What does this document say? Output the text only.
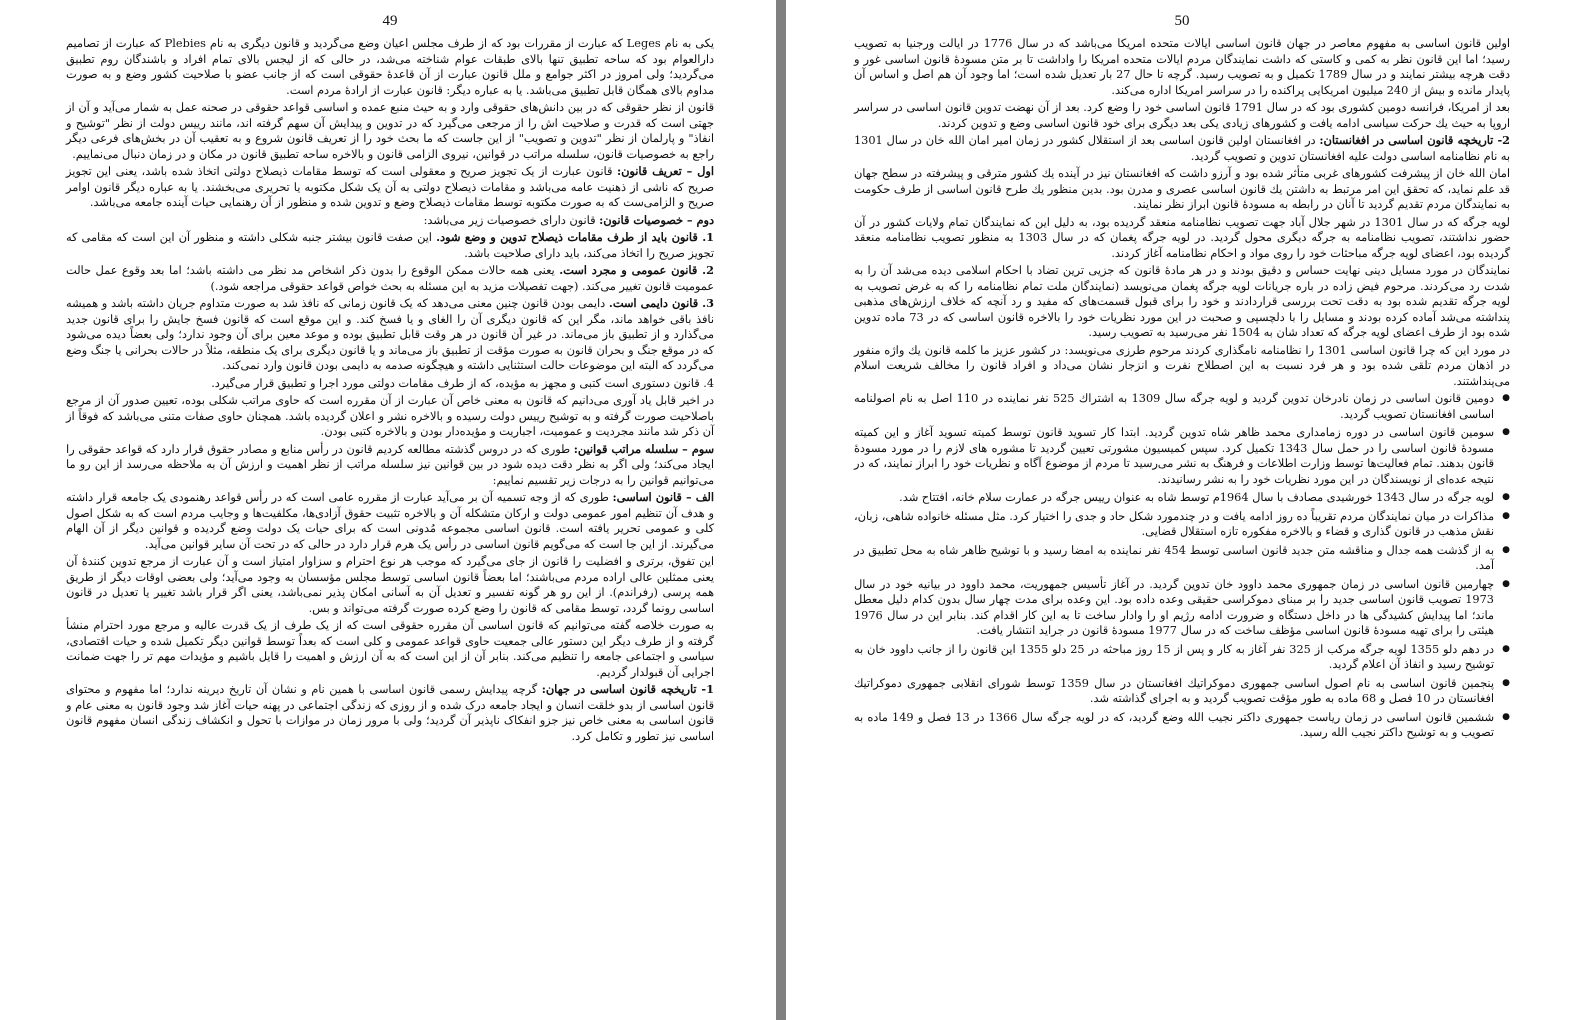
49

یکی به نام Leges که عبارت از مقررات بود که از طرف مجلس اعیان وضع می‌گردید و قانون دیگری به نام Plebies که عبارت از تصامیم دارالعوام بود که ساحه تطبیق تنها بالای طبقات عوام شناخته می‌شد، در حالی که از لیجس بالای تمام افراد و باشندگان روم تطبیق می‌گردید؛ ولی امروز در اکثر جوامع و ملل قانون عبارت از آن قاعدهٔ حقوقی است که از جانب عضو با صلاحیت کشور وضع و به صورت مداوم بالای همگان قابل تطبیق می‌باشد. یا به عباره دیگر: قانون عبارت از ارادهٔ مردم است.

قانون از نظر حقوقی که در بین دانش‌های حقوقی وارد و به حیث منبع عمده و اساسی قواعد حقوقی در صحنه عمل به شمار می‌آید و آن از جهتی است که قدرت و صلاحیت اش را از مرجعی می‌گیرد که در تدوین و پیدایش آن سهم گرفته اند، مانند رییس دولت از نظر "توشیح و انفاذ" و پارلمان از نظر "تدوین و تصویب" از این جاست که ما بحث خود را از تعریف قانون شروع و به تعقیب آن در بخش‌های فرعی دیگر راجع به خصوصیات قانون، سلسله مراتب در قوانین، نیروی الزامی قانون و بالاخره ساحه تطبیق قانون در مکان و در زمان دنبال می‌نماییم.

اول – تعریف قانون: قانون عبارت از یک تجویز صریح و معقولی است که توسط مقامات ذیصلاح دولتی اتخاذ شده باشد، یعنی این تجویز صریح که ناشی از ذهنیت عامه می‌باشد و مقامات ذیصلاح دولتی به آن یک شکل مکتوبه یا تحریری می‌بخشند. یا به عباره دیگر قانون اوامر صریح و الزامی‌ست که به صورت مکتوبه توسط مقامات ذیصلاح وضع و تدوین شده و منظور از آن رهنمایی حیات آینده جامعه می‌باشد.

دوم – خصوصیات قانون: قانون دارای خصوصیات زیر می‌باشد:

1. قانون باید از طرف مقامات ذیصلاح تدوین و وضع شود. این صفت قانون بیشتر جنبه شکلی داشته و منظور آن این است که مقامی که تجویز صریح را اتخاذ می‌کند، باید دارای صلاحیت باشد.

2. قانون عمومی و مجرد است. یعنی همه حالات ممکن الوقوع را بدون ذکر اشخاص مد نظر می داشته باشد؛ اما بعد وقوع عمل حالت عمومیت قانون تغییر می‌کند. (جهت تفصیلات مزید به این مسئله به بحث خواص قواعد حقوقی مراجعه شود.)

3. قانون دایمی است. دایمی بودن قانون چنین معنی می‌دهد که یک قانون زمانی که نافذ شد به صورت متداوم جریان داشته باشد و همیشه نافذ باقی خواهد ماند، مگر این که قانون دیگری آن را الغای و یا فسخ کند. و این موقع است که قانون فسخ جایش را برای قانون جدید می‌گذارد و از تطبیق باز می‌ماند. در غیر آن قانون در هر وقت قابل تطبیق بوده و موعد معین برای آن وجود ندارد؛ ولی بعضاً دیده می‌شود که در موقع جنگ و بحران قانون به صورت مؤقت از تطبیق باز می‌ماند و یا قانون دیگری برای یک منطقه، مثلاً در حالات بحرانی یا جنگ وضع می‌گردد که البته این موضوعات حالت استثنایی داشته و هیچگونه صدمه به دایمی بودن قانون وارد نمی‌کند.

4. قانون دستوری است کتبی و مجهز به مؤیده، که از طرف مقامات دولتی مورد اجرا و تطبیق قرار می‌گیرد.

در اخیر قابل یاد آوری می‌دانیم که قانون به معنی خاص آن عبارت از آن مقرره است که حاوی مراتب شکلی بوده، تعیین صدور آن از مرجع باصلاحیت صورت گرفته و به توشیح رییس دولت رسیده و بالاخره نشر و اعلان گردیده باشد. همچنان حاوی صفات متنی می‌باشد که فوقاً از آن ذکر شد مانند مجردیت و عمومیت، اجباریت و مؤیده‌دار بودن و بالاخره کتبی بودن.

سوم – سلسله مراتب قوانین: طوری که در دروس گذشته مطالعه کردیم قانون در رأس منابع و مصادر حقوق قرار دارد که قواعد حقوقی را ایجاد می‌کند؛ ولی اگر به نظر دقت دیده شود در بین قوانین نیز سلسله مراتب از نظر اهمیت و ارزش آن به ملاحظه می‌رسد از این رو ما می‌توانیم قوانین را به درجات زیر تقسیم نماییم:

الف – قانون اساسی: طوری که از وجه تسمیه آن بر می‌آید عبارت از مقرره عامی است که در رأس قواعد رهنمودی یک جامعه قرار داشته و هدف آن تنظیم امور عمومی دولت و ارکان متشکله آن و بالاخره تثبیت حقوق آزادی‌ها، مکلفیت‌ها و وجایب مردم است که به شکل اصول کلی و عمومی تحریر یافته است. قانون اساسی مجموعه مُدونی است که برای حیات یک دولت وضع گردیده و قوانین دیگر از آن الهام می‌گیرند. از این جا است که می‌گویم قانون اساسی در رأس یک هرم قرار دارد در حالی که در تحت آن سایر قوانین می‌آید.

این تفوق، برتری و افضلیت را قانون از جای می‌گیرد که موجب هر نوع احترام و سزاوار امتیاز است و آن عبارت از مرجع تدوین کنندهٔ آن یعنی ممثلین عالی اراده مردم می‌باشند؛ اما بعضاً قانون اساسی توسط مجلس مؤسسان به وجود می‌آید؛ ولی بعضی اوقات دیگر از طریق همه پرسی (رفراندم). از این رو هر گونه تفسیر و تعدیل آن به آسانی امکان پذیر نمی‌باشد، یعنی اگر قرار باشد تغییر یا تعدیل در قانون اساسی رونما گردد، توسط مقامی که قانون را وضع کرده صورت گرفته می‌تواند و بس.

به صورت خلاصه گفته می‌توانیم که قانون اساسی آن مقرره حقوقی است که از یک طرف از یک قدرت عالیه و مرجع مورد احترام منشأ گرفته و از طرف دیگر این دستور عالی جمعیت حاوی قواعد عمومی و کلی است که بعداً توسط قوانین دیگر تکمیل شده و حیات اقتصادی، سیاسی و اجتماعی جامعه را تنظیم می‌کند. بنابر آن از این است که به آن ارزش و اهمیت را قایل باشیم و مؤیدات مهم تر را جهت ضمانت اجرایی آن قبولدار گردیم.

1- تاریخچه قانون اساسی در جهان: گرچه پیدایش رسمی قانون اساسی با همین نام و نشان آن تاریخ دیرینه ندارد؛ اما مفهوم و محتوای قانون اساسی از بدو خلقت انسان و ایجاد جامعه درک شده و از روزی که زندگی اجتماعی در پهنه حیات آغاز شد وجود قانون به معنی عام و قانون اساسی به معنی خاص نیز جزو انفکاک ناپذیر آن گردید؛ ولی با مرور زمان در موازات با تحول و انکشاف زندگی انسان مفهوم قانون اساسی نیز تطور و تکامل کرد.

50

اولین قانون اساسی به مفهوم معاصر در جهان قانون اساسی ایالات متحده امریکا می‌باشد که در سال 1776 در ایالت ورجنیا به تصویب رسید؛ اما این قانون نظر به کمی و کاستی که داشت نمایندگان مردم ایالات متحده امریکا را واداشت تا بر متن مسودهٔ قانون اساسی غور و دقت هرچه بیشتر نمایند و در سال 1789 تکمیل و به تصویب رسید. گرچه تا حال 27 بار تعدیل شده است؛ اما وجود آن هم اصل و اساس آن پایدار مانده و بیش از 240 میلیون امریکایی پراکنده را در سراسر امریکا اداره می‌کند.

بعد از امریکا، فرانسه دومین کشوری بود که در سال 1791 قانون اساسی خود را وضع کرد. بعد از آن نهضت تدوین قانون اساسی در سراسر اروپا به حیث یك حرکت سیاسی ادامه یافت و کشورهای زیادی یکی بعد دیگری برای خود قانون اساسی وضع و تدوین کردند.

2- تاریخچه قانون اساسی در افغانستان: در افغانستان اولین قانون اساسی بعد از استقلال کشور در زمان امیر امان الله خان در سال 1301 به نام نظامنامه اساسی دولت علیه افغانستان تدوین و تصویب گردید.

امان الله خان از پیشرفت کشورهای غربی متأثر شده بود و آرزو داشت که افغانستان نیز در آینده یك کشور مترقی و پیشرفته در سطح جهان قد علم نماید، که تحقق این امر مرتبط به داشتن یك قانون اساسی عصری و مدرن بود. بدین منظور یك طرح قانون اساسی از طرف حکومت به نمایندگان مردم تقدیم گردید تا آنان در رابطه به مسودهٔ قانون ابراز نظر نمایند.

لویه جرگه که در سال 1301 در شهر جلال آباد جهت تصویب نظامنامه منعقد گردیده بود، به دلیل این که نمایندگان تمام ولایات کشور در آن حضور نداشتند، تصویب نظامنامه به جرگه دیگری محول گردید. در لویه جرگه پغمان که در سال 1303 به منظور تصویب نظامنامه منعقد گردیده بود، اعضای لویه جرگه مباحثات خود را روی مواد و احکام نظامنامه آغاز کردند.

نمایندگان در مورد مسایل دینی نهایت حساس و دقیق بودند و در هر مادهٔ قانون که جزیی ترین تضاد با احکام اسلامی دیده می‌شد آن را به شدت رد می‌کردند. مرحوم فیض زاده در باره جریانات لویه جرگه پغمان می‌نویسد (نمایندگان ملت تمام نظامنامه را که به غرض تصویب به لویه جرگه تقدیم شده بود به دقت تحت بررسی قراردادند و خود را برای قبول قسمت‌های که مفید و رد آنچه که خلاف ارزش‌های مذهبی پنداشته می‌شد آماده کرده بودند و مسایل را با دلچسپی و صحبت در این مورد نظریات خود را بالاخره قانون اساسی که در 73 ماده تدوین شده بود از طرف اعضای لویه جرگه که تعداد شان به 1504 نفر می‌رسید به تصویب رسید.

در مورد این که چرا قانون اساسی 1301 را نظامنامه نامگذاری کردند مرحوم طرزی می‌نویسد: در کشور عزیز ما کلمه قانون یك واژه منفور در اذهان مردم تلقی شده بود و هر فرد نسبت به این اصطلاح نفرت و انزجار نشان می‌داد و افراد قانون را مخالف شریعت اسلام می‌پنداشتند.

● دومین قانون اساسی در زمان نادرخان تدوین گردید و لویه جرگه سال 1309 به اشتراك 525 نفر نماینده در 110 اصل به نام اصولنامه اساسی افغانستان تصویب گردید.
● سومین قانون اساسی در دوره زمامداری محمد ظاهر شاه تدوین گردید. ابتدا کار تسوید قانون توسط کمیته تسوید آغاز و این کمیته مسودهٔ قانون اساسی را در حمل سال 1343 تکمیل کرد. سپس کمیسیون مشورتی تعیین گردید تا مشوره های لازم را در مورد مسودهٔ قانون بدهند. تمام فعالیت‌ها توسط وزارت اطلاعات و فرهنگ به نشر می‌رسید تا مردم از موضوع آگاه و نظریات خود را ابراز نمایند، که در نتیجه عده‌ای از نویسندگان در این مورد نظریات خود را به نشر رسانیدند.
● لویه جرگه در سال 1343 خورشیدی مصادف با سال 1964م توسط شاه به عنوان رییس جرگه در عمارت سلام خانه، افتتاح شد.
● مذاکرات در میان نمایندگان مردم تقریباً ده روز ادامه یافت و در چندمورد شکل حاد و جدی را اختیار کرد. مثل مسئله خانواده شاهی، زبان، نقش مذهب در قانون گذاری و قضاء و بالاخره مفکوره تازه استقلال قضایی.
● به از گذشت همه جدال و مناقشه متن جدید قانون اساسی توسط 454 نفر نماینده به امضا رسید و با توشیح ظاهر شاه به محل تطبیق در آمد.
● چهارمین قانون اساسی در زمان جمهوری محمد داوود خان تدوین گردید. در آغاز تأسیس جمهوریت، محمد داوود در بیانیه خود در سال 1973 تصویب قانون اساسی جدید را بر مبنای دموکراسی حقیقی وعده داده بود. این وعده برای مدت چهار سال بدون کدام دلیل معطل ماند؛ اما پیدایش کشیدگی ها در داخل دستگاه و ضرورت ادامه رژیم او را وادار ساخت تا به این کار اقدام کند. بنابر این در سال 1976 هیئتی را برای تهیه مسودهٔ قانون اساسی مؤظف ساخت که در سال 1977 مسودهٔ قانون در جراید انتشار یافت.
● در دهم دلو 1355 لویه جرگه مرکب از 325 نفر آغاز به کار و پس از 15 روز مباحثه در 25 دلو 1355 این قانون را از جانب داوود خان به توشیح رسید و انفاذ آن اعلام گردید.
● پنجمین قانون اساسی به نام اصول اساسی جمهوری دموکراتیك افغانستان در سال 1359 توسط شورای انقلابی جمهوری دموکراتیك افغانستان در 10 فصل و 68 ماده به طور مؤقت تصویب گردید و به اجرای گذاشته شد.
● ششمین قانون اساسی در زمان ریاست جمهوری داکتر نجیب الله وضع گردید، که در لویه جرگه سال 1366 در 13 فصل و 149 ماده به تصویب و به توشیح داکتر نجیب الله رسید.
